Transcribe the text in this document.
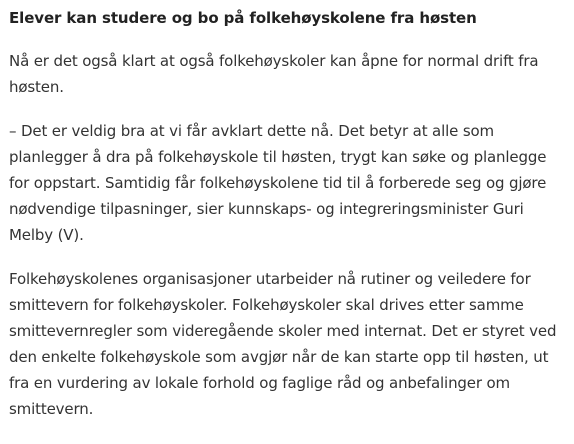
Elever kan studere og bo på folkehøyskolene fra høsten

Nå er det også klart at også folkehøyskoler kan åpne for normal drift fra høsten.

– Det er veldig bra at vi får avklart dette nå. Det betyr at alle som planlegger å dra på folkehøyskole til høsten, trygt kan søke og planlegge for oppstart. Samtidig får folkehøyskolene tid til å forberede seg og gjøre nødvendige tilpasninger, sier kunnskaps- og integreringsminister Guri Melby (V).

Folkehøyskolenes organisasjoner utarbeider nå rutiner og veiledere for smittevern for folkehøyskoler. Folkehøyskoler skal drives etter samme smittevernregler som videregående skoler med internat. Det er styret ved den enkelte folkehøyskole som avgjør når de kan starte opp til høsten, ut fra en vurdering av lokale forhold og faglige råd og anbefalinger om smittevern.
